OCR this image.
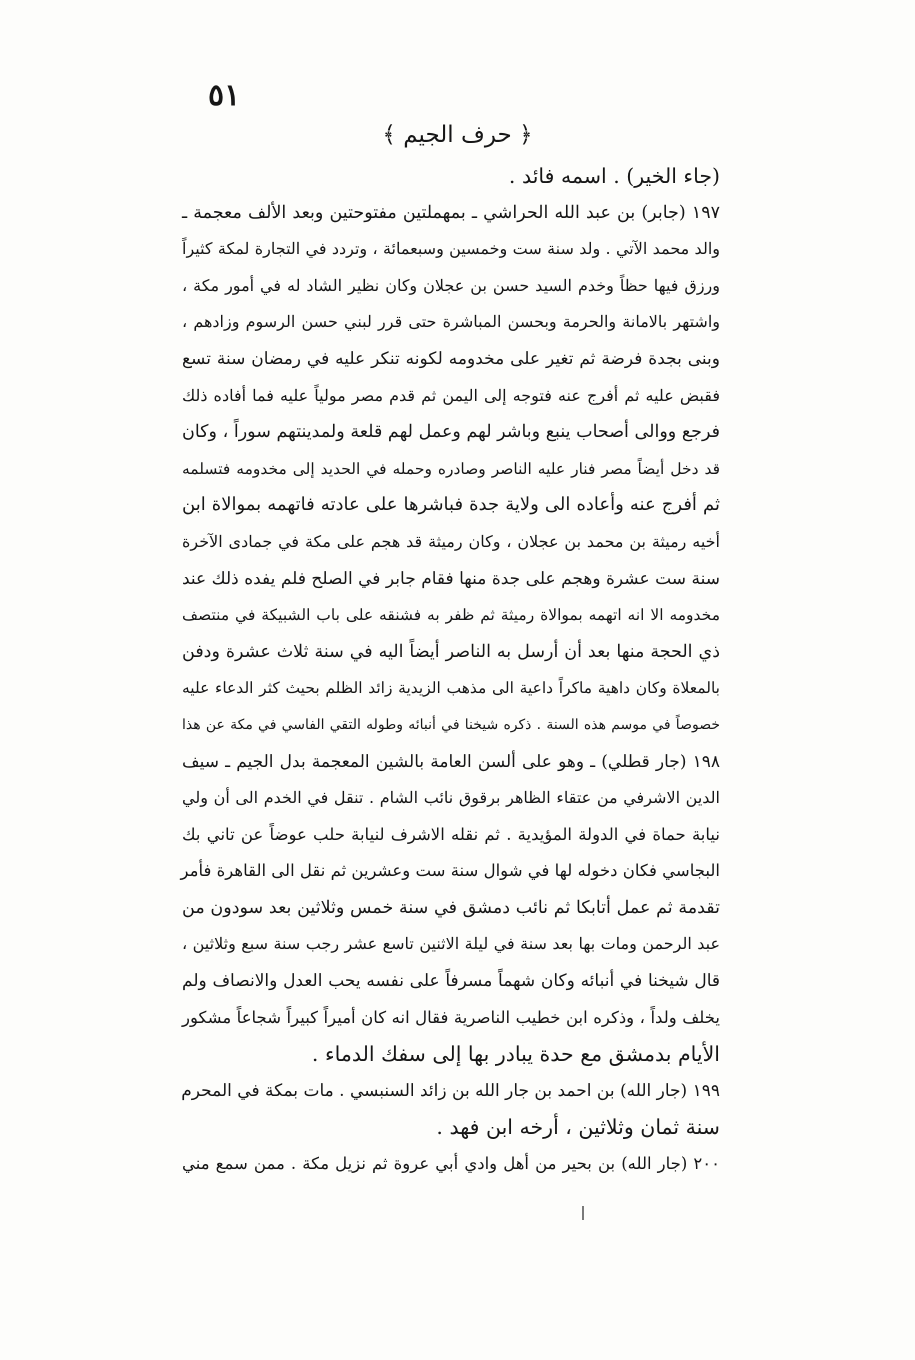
٥١
﴿ حرف الجيم ﴾
(جاء الخير) . اسمه فائد .
١٩٧ (جابر) بن عبد الله الحراشي ـ بمهملتين مفتوحتين وبعد الألف معجمة ـ
والد محمد الآتي . ولد سنة ست وخمسين وسبعمائة ، وتردد في التجارة لمكة كثيراً
ورزق فيها حظاً وخدم السيد حسن بن عجلان وكان نظير الشاد له في أمور مكة ،
واشتهر بالامانة والحرمة وبحسن المباشرة حتى قرر لبني حسن الرسوم وزادهم ،
وبنى بجدة فرضة ثم تغير على مخدومه لكونه تنكر عليه في رمضان سنة تسع
فقبض عليه ثم أفرج عنه فتوجه إلى اليمن ثم قدم مصر مولياً عليه فما أفاده ذلك
فرجع ووالى أصحاب ينبع وباشر لهم وعمل لهم قلعة ولمدينتهم سوراً ، وكان
قد دخل أيضاً مصر فنار عليه الناصر وصادره وحمله في الحديد إلى مخدومه فتسلمه
ثم أفرج عنه وأعاده الى ولاية جدة فباشرها على عادته فاتهمه بموالاة ابن
أخيه رميثة بن محمد بن عجلان ، وكان رميثة قد هجم على مكة في جمادى الآخرة
سنة ست عشرة وهجم على جدة منها فقام جابر في الصلح فلم يفده ذلك عند
مخدومه الا انه اتهمه بموالاة رميثة ثم ظفر به فشنقه على باب الشبيكة في منتصف
ذي الحجة منها بعد أن أرسل به الناصر أيضاً اليه في سنة ثلاث عشرة ودفن
بالمعلاة وكان داهية ماكراً داعية الى مذهب الزيدية زائد الظلم بحيث كثر الدعاء عليه
خصوصاً في موسم هذه السنة . ذكره شيخنا في أنبائه وطوله التقي الفاسي في مكة عن هذا
١٩٨ (جار قطلي) ـ وهو على ألسن العامة بالشين المعجمة بدل الجيم ـ سيف
الدين الاشرفي من عتقاء الظاهر برقوق نائب الشام . تنقل في الخدم الى أن ولي
نيابة حماة في الدولة المؤيدية . ثم نقله الاشرف لنيابة حلب عوضاً عن تاني بك
البجاسي فكان دخوله لها في شوال سنة ست وعشرين ثم نقل الى القاهرة فأمر
تقدمة ثم عمل أتابكا ثم نائب دمشق في سنة خمس وثلاثين بعد سودون من
عبد الرحمن ومات بها بعد سنة في ليلة الاثنين تاسع عشر رجب سنة سبع وثلاثين ،
قال شيخنا في أنبائه وكان شهماً مسرفاً على نفسه يحب العدل والانصاف ولم
يخلف ولداً ، وذكره ابن خطيب الناصرية فقال انه كان أميراً كبيراً شجاعاً مشكور
الأيام بدمشق مع حدة يبادر بها إلى سفك الدماء .
١٩٩ (جار الله) بن احمد بن جار الله بن زائد السنبسي . مات بمكة في المحرم
سنة ثمان وثلاثين ، أرخه ابن فهد .
٢٠٠ (جار الله) بن بحير من أهل وادي أبي عروة ثم نزيل مكة . ممن سمع مني
